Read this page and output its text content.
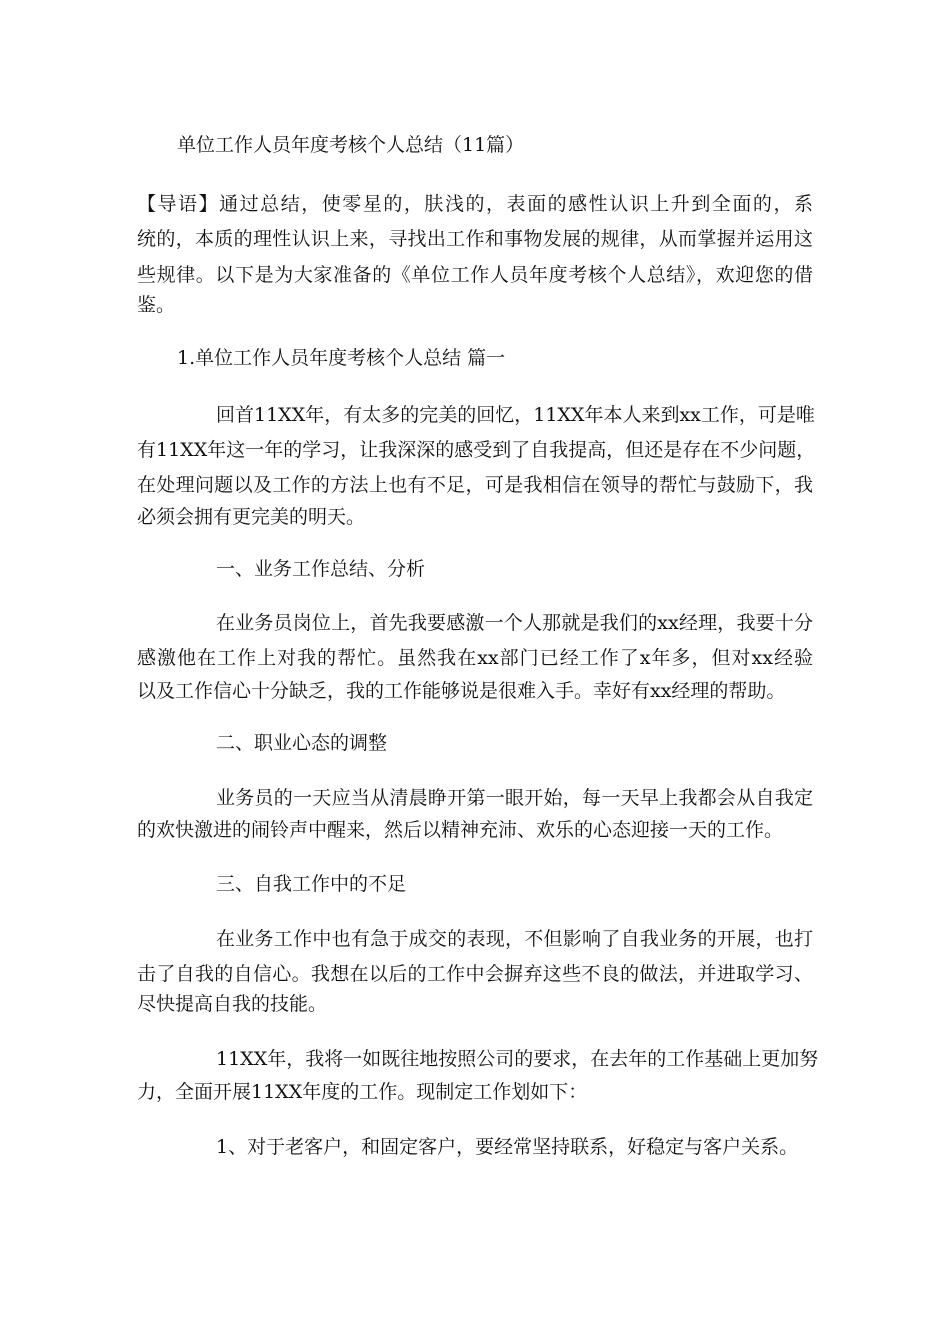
单位工作人员年度考核个人总结（11篇）
【导语】通过总结，使零星的，肤浅的，表面的感性认识上升到全面的，系
统的，本质的理性认识上来，寻找出工作和事物发展的规律，从而掌握并运用这
些规律。以下是为大家准备的《单位工作人员年度考核个人总结》，欢迎您的借
鉴。
1.单位工作人员年度考核个人总结 篇一
回首11XX年，有太多的完美的回忆，11XX年本人来到xx工作，可是唯
有11XX年这一年的学习，让我深深的感受到了自我提高，但还是存在不少问题，
在处理问题以及工作的方法上也有不足，可是我相信在领导的帮忙与鼓励下，我
必须会拥有更完美的明天。
一、业务工作总结、分析
在业务员岗位上，首先我要感激一个人那就是我们的xx经理，我要十分
感激他在工作上对我的帮忙。虽然我在xx部门已经工作了x年多，但对xx经验
以及工作信心十分缺乏，我的工作能够说是很难入手。幸好有xx经理的帮助。
二、职业心态的调整
业务员的一天应当从清晨睁开第一眼开始，每一天早上我都会从自我定
的欢快激进的闹铃声中醒来，然后以精神充沛、欢乐的心态迎接一天的工作。
三、自我工作中的不足
在业务工作中也有急于成交的表现，不但影响了自我业务的开展，也打
击了自我的自信心。我想在以后的工作中会摒弃这些不良的做法，并进取学习、
尽快提高自我的技能。
11XX年，我将一如既往地按照公司的要求，在去年的工作基础上更加努
力，全面开展11XX年度的工作。现制定工作划如下：
1、对于老客户，和固定客户，要经常坚持联系，好稳定与客户关系。
